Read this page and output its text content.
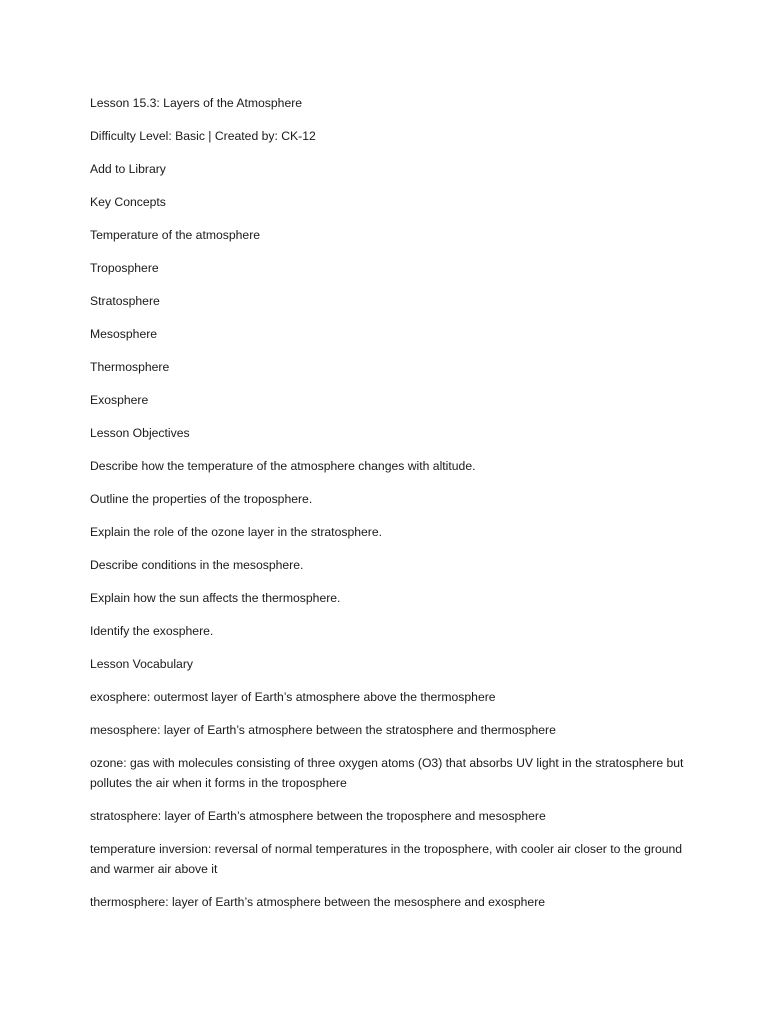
Lesson 15.3: Layers of the Atmosphere
Difficulty Level: Basic | Created by: CK-12
Add to Library
Key Concepts
Temperature of the atmosphere
Troposphere
Stratosphere
Mesosphere
Thermosphere
Exosphere
Lesson Objectives
Describe how the temperature of the atmosphere changes with altitude.
Outline the properties of the troposphere.
Explain the role of the ozone layer in the stratosphere.
Describe conditions in the mesosphere.
Explain how the sun affects the thermosphere.
Identify the exosphere.
Lesson Vocabulary
exosphere: outermost layer of Earth’s atmosphere above the thermosphere
mesosphere: layer of Earth’s atmosphere between the stratosphere and thermosphere
ozone: gas with molecules consisting of three oxygen atoms (O3) that absorbs UV light in the stratosphere but pollutes the air when it forms in the troposphere
stratosphere: layer of Earth’s atmosphere between the troposphere and mesosphere
temperature inversion: reversal of normal temperatures in the troposphere, with cooler air closer to the ground and warmer air above it
thermosphere: layer of Earth’s atmosphere between the mesosphere and exosphere
